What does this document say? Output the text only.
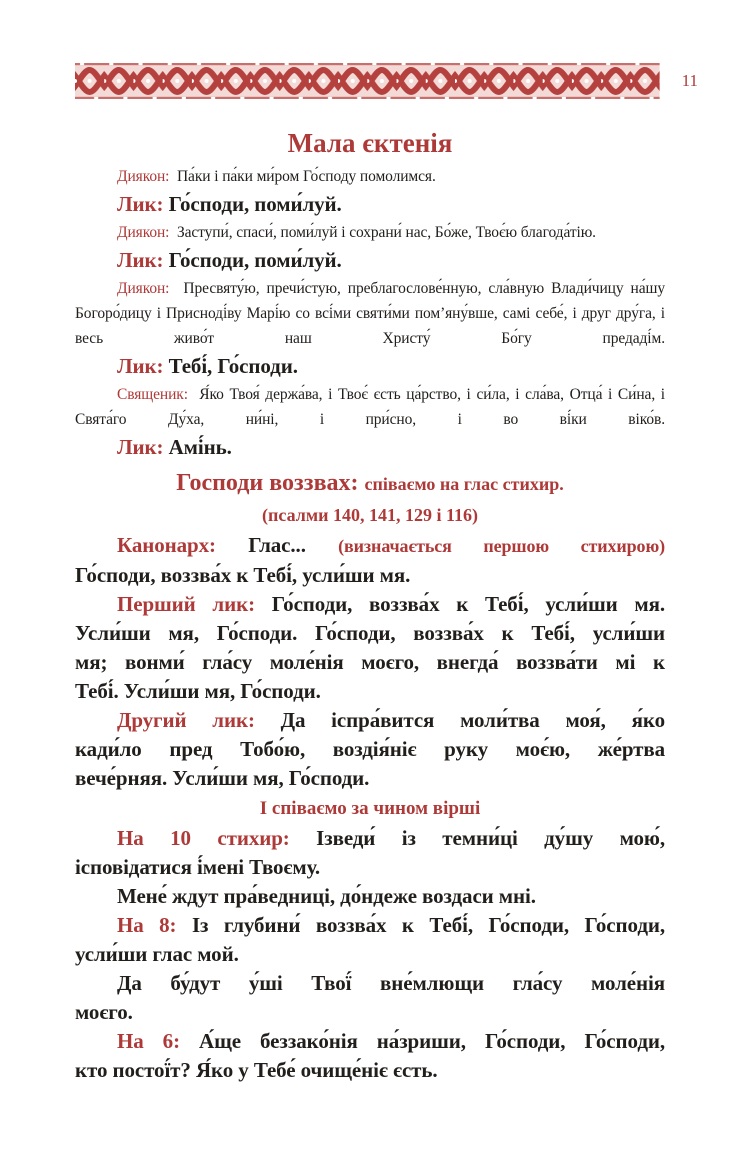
11
Мала єктенія
Диякон:  Па́ки і па́ки ми́ром Го́споду помолимся.
Лик: Го́споди, поми́луй.
Диякон:  Заступи́, спаси́, поми́луй і сохрани́ нас, Бо́же, Твоє́ю благода́тію.
Лик: Го́споди, поми́луй.
Диякон:  Пресвяту́ю, пречи́стую, преблагослове́нную, сла́вную Влади́чицу на́шу Богоро́дицу і Присноді́ву Марі́ю со всі́ми святи́ми пом’яну́вше, самі себе́, і друг дру́га, і весь живо́т наш Христу́ Бо́гу предаді́м.
Лик: Тебі́, Го́споди.
Священик:  Я́ко Твоя́ держа́ва, і Твоє́ єсть ца́рство, і си́ла, і сла́ва, Отца́ і Си́на, і Свята́го Ду́ха, ни́ні, і при́сно, і во ві́ки віко́в.
Лик: Амі́нь.
Господи воззвах: співаємо на глас стихир.
(псалми 140, 141, 129 і 116)
Канонарх: Глас... (визначається першою стихирою)
Го́споди, воззва́х к Тебі́, усли́ши мя.
Перший лик: Го́споди, воззва́х к Тебі́, усли́ши мя.
Усли́ши мя, Го́споди. Го́споди, воззва́х к Тебі́, усли́ши
мя; вонми́ гла́су моле́нія моєго, внегда́ воззва́ти мі к
Тебі́. Усли́ши мя, Го́споди.
Другий лик: Да іспра́вится моли́тва моя́, я́ко
кади́ло пред Тобо́ю, воздія́ніє руку моє́ю, же́ртва
вече́рняя. Усли́ши мя, Го́споди.
І співаємо за чином вірші
На 10 стихир: Ізведи́ із темни́ці ду́шу мою́,
ісповідатися і́мені Твоєму.
Мене́ ждут пра́ведниці, до́ндеже воздаси мні.
На 8: Із глубини́ воззва́х к Тебі́, Го́споди, Го́споди,
усли́ши глас мой.
Да бу́дут у́ші Твої́ вне́млющи гла́су моле́нія
моєго.
На 6: А́ще беззако́нія на́зриши, Го́споди, Го́споди,
кто постої́т? Я́ко у Тебе́ очище́ніє єсть.
